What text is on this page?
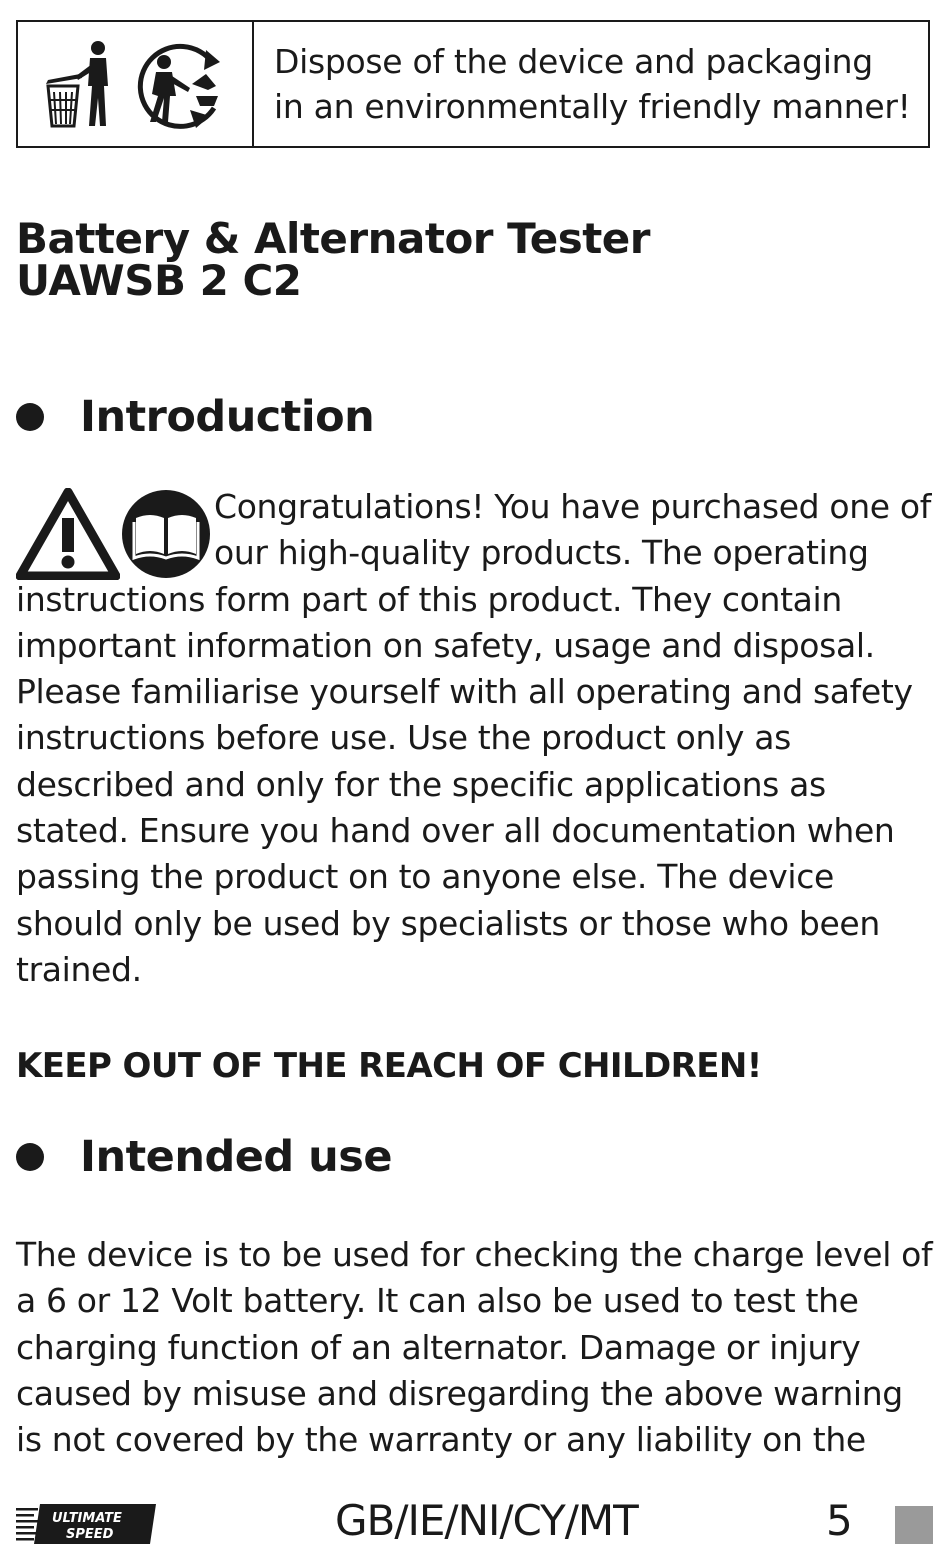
Dispose of the device and packaging
in an environmentally friendly manner!
Battery & Alternator Tester
UAWSB 2 C2
Introduction

Congratulations! You have purchased one of our high-quality products. The operating instructions form part of this product. They contain important information on safety, usage and disposal. Please familiarise yourself with all operating and safety instructions before use. Use the product only as described and only for the specific applications as stated. Ensure you hand over all documentation when passing the product on to anyone else. The device should only be used by specialists or those who been trained.

KEEP OUT OF THE REACH OF CHILDREN!

Intended use

The device is to be used for checking the charge level of a 6 or 12 Volt battery. It can also be used to test the charging function of an alternator. Damage or injury caused by misuse and disregarding the above warning is not covered by the warranty or any liability on the

ULTIMATE
SPEED	GB/IE/NI/CY/MT	5
